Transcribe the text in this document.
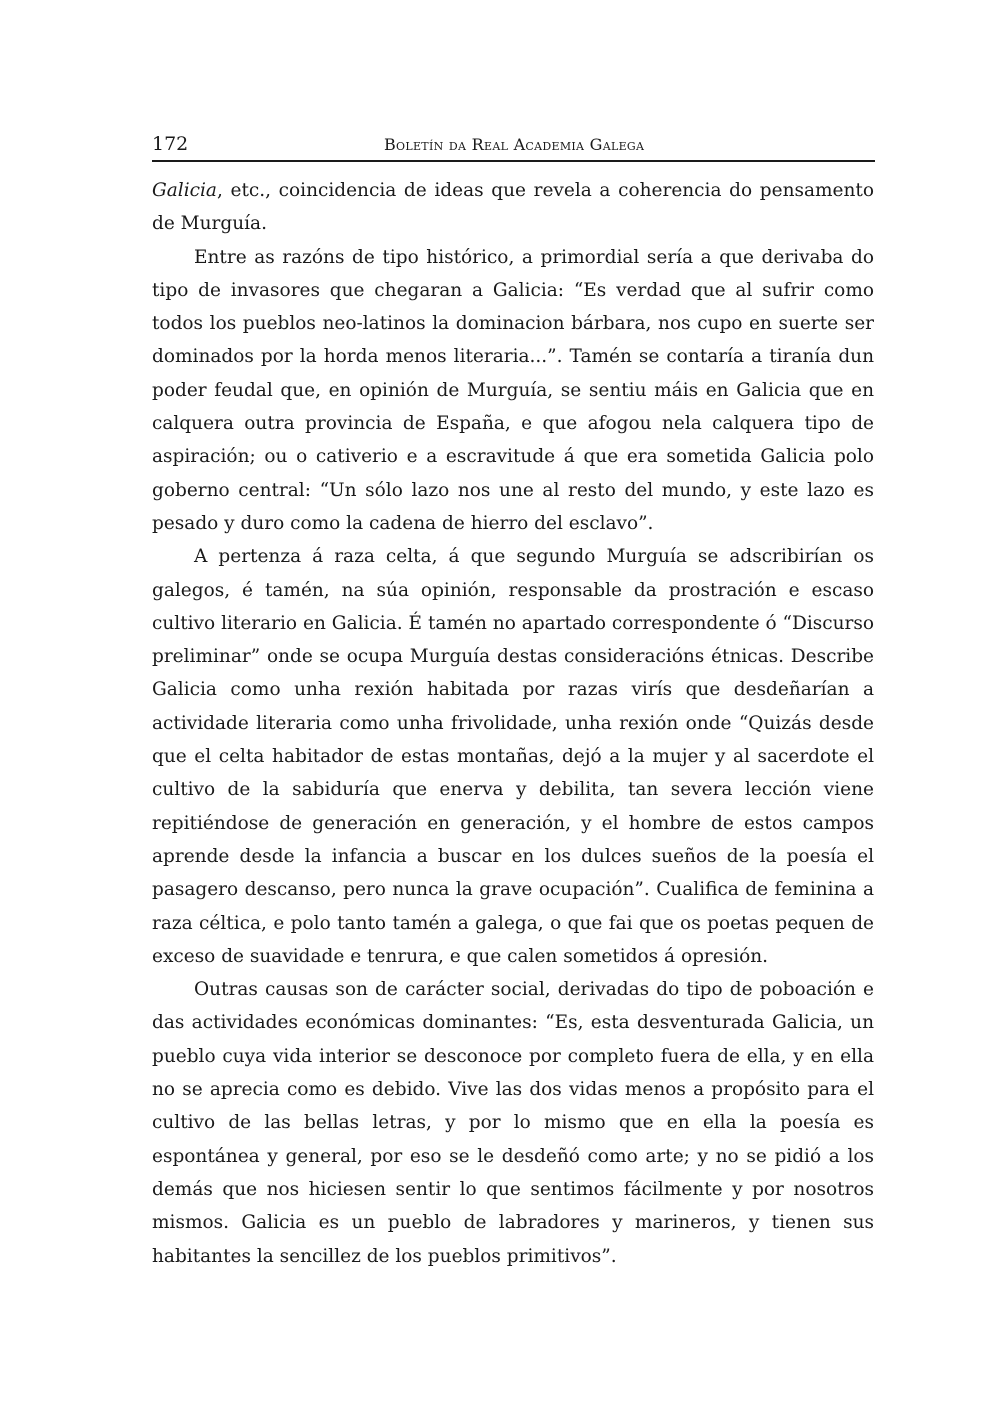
172	Boletín da Real Academia Galega

Galicia, etc., coincidencia de ideas que revela a coherencia do pensamento de Murguía.

Entre as razóns de tipo histórico, a primordial sería a que derivaba do tipo de invasores que chegaran a Galicia: “Es verdad que al sufrir como todos los pueblos neo-latinos la dominacion bárbara, nos cupo en suerte ser dominados por la horda menos literaria...”. Tamén se contaría a tiranía dun poder feudal que, en opinión de Murguía, se sentiu máis en Galicia que en calquera outra provincia de España, e que afogou nela calquera tipo de aspiración; ou o cativerio e a escravitude á que era sometida Galicia polo goberno central: “Un sólo lazo nos une al resto del mundo, y este lazo es pesado y duro como la cadena de hierro del esclavo”.

A pertenza á raza celta, á que segundo Murguía se adscribirían os galegos, é tamén, na súa opinión, responsable da prostración e escaso cultivo literario en Galicia. É tamén no apartado correspondente ó “Discurso preliminar” onde se ocupa Murguía destas consideracións étnicas. Describe Galicia como unha rexión habitada por razas virís que desdeñarían a actividade literaria como unha frivolidade, unha rexión onde “Quizás desde que el celta habitador de estas montañas, dejó a la mujer y al sacerdote el cultivo de la sabiduría que enerva y debilita, tan severa lección viene repitiéndose de generación en generación, y el hombre de estos campos aprende desde la infancia a buscar en los dulces sueños de la poesía el pasagero descanso, pero nunca la grave ocupación”. Cualifica de feminina a raza céltica, e polo tanto tamén a galega, o que fai que os poetas pequen de exceso de suavidade e tenrura, e que calen sometidos á opresión.

Outras causas son de carácter social, derivadas do tipo de poboación e das actividades económicas dominantes: “Es, esta desventurada Galicia, un pueblo cuya vida interior se desconoce por completo fuera de ella, y en ella no se aprecia como es debido. Vive las dos vidas menos a propósito para el cultivo de las bellas letras, y por lo mismo que en ella la poesía es espontánea y general, por eso se le desdeñó como arte; y no se pidió a los demás que nos hiciesen sentir lo que sentimos fácilmente y por nosotros mismos. Galicia es un pueblo de labradores y marineros, y tienen sus habitantes la sencillez de los pueblos primitivos”.
